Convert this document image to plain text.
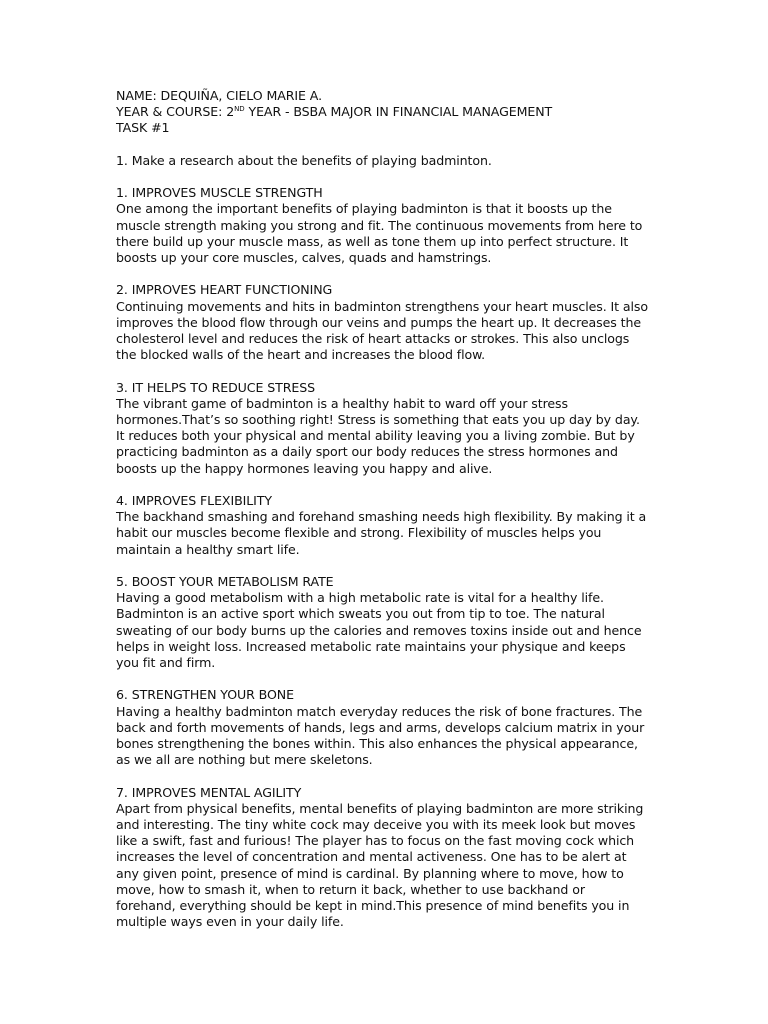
NAME: DEQUIÑA, CIELO MARIE A.
YEAR & COURSE: 2ND YEAR - BSBA MAJOR IN FINANCIAL MANAGEMENT
TASK #1
1. Make a research about the benefits of playing badminton.
1. IMPROVES MUSCLE STRENGTH
One among the important benefits of playing badminton is that it boosts up the
muscle strength making you strong and fit. The continuous movements from here to
there build up your muscle mass, as well as tone them up into perfect structure. It
boosts up your core muscles, calves, quads and hamstrings.
2. IMPROVES HEART FUNCTIONING
Continuing movements and hits in badminton strengthens your heart muscles. It also
improves the blood flow through our veins and pumps the heart up. It decreases the
cholesterol level and reduces the risk of heart attacks or strokes. This also unclogs
the blocked walls of the heart and increases the blood flow.
3. IT HELPS TO REDUCE STRESS
The vibrant game of badminton is a healthy habit to ward off your stress
hormones.That’s so soothing right! Stress is something that eats you up day by day.
It reduces both your physical and mental ability leaving you a living zombie. But by
practicing badminton as a daily sport our body reduces the stress hormones and
boosts up the happy hormones leaving you happy and alive.
4. IMPROVES FLEXIBILITY
The backhand smashing and forehand smashing needs high flexibility. By making it a
habit our muscles become flexible and strong. Flexibility of muscles helps you
maintain a healthy smart life.
5. BOOST YOUR METABOLISM RATE
Having a good metabolism with a high metabolic rate is vital for a healthy life.
Badminton is an active sport which sweats you out from tip to toe. The natural
sweating of our body burns up the calories and removes toxins inside out and hence
helps in weight loss. Increased metabolic rate maintains your physique and keeps
you fit and firm.
6. STRENGTHEN YOUR BONE
Having a healthy badminton match everyday reduces the risk of bone fractures. The
back and forth movements of hands, legs and arms, develops calcium matrix in your
bones strengthening the bones within. This also enhances the physical appearance,
as we all are nothing but mere skeletons.
7. IMPROVES MENTAL AGILITY
Apart from physical benefits, mental benefits of playing badminton are more striking
and interesting. The tiny white cock may deceive you with its meek look but moves
like a swift, fast and furious! The player has to focus on the fast moving cock which
increases the level of concentration and mental activeness. One has to be alert at
any given point, presence of mind is cardinal. By planning where to move, how to
move, how to smash it, when to return it back, whether to use backhand or
forehand, everything should be kept in mind.This presence of mind benefits you in
multiple ways even in your daily life.
